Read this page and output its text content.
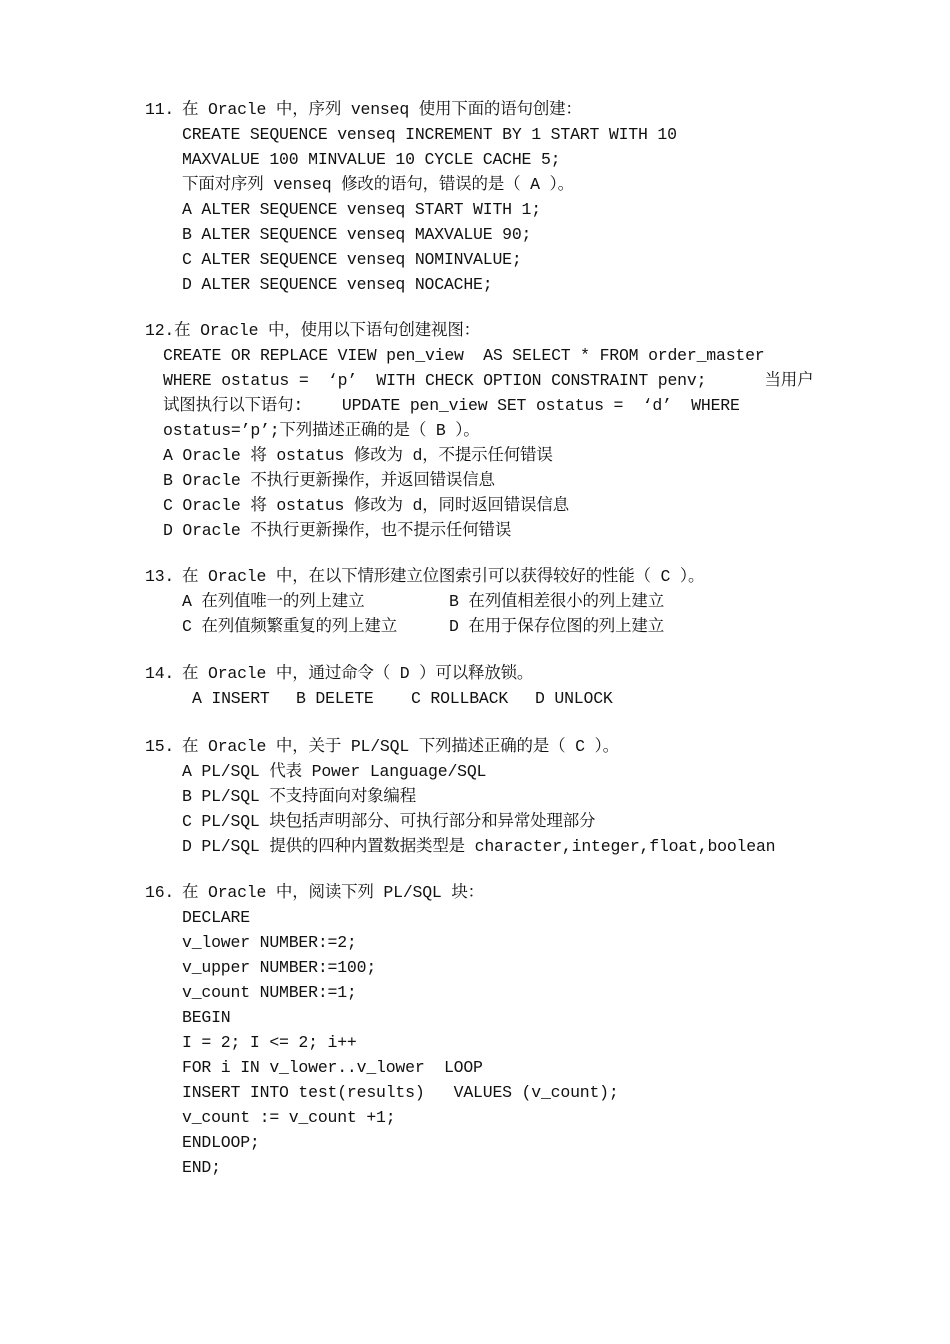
11. 在 Oracle 中，序列 venseq 使用下面的语句创建：
CREATE SEQUENCE venseq INCREMENT BY 1 START WITH 10
MAXVALUE 100 MINVALUE 10 CYCLE CACHE 5;
下面对序列 venseq 修改的语句，错误的是（ A ）。
A ALTER SEQUENCE venseq START WITH 1;
B ALTER SEQUENCE venseq MAXVALUE 90;
C ALTER SEQUENCE venseq NOMINVALUE;
D ALTER SEQUENCE venseq NOCACHE;
12.在 Oracle 中，使用以下语句创建视图：
CREATE OR REPLACE VIEW pen_view  AS SELECT * FROM order_master
WHERE ostatus =  ‘p’  WITH CHECK OPTION CONSTRAINT penv;      当用户
试图执行以下语句:    UPDATE pen_view SET ostatus =  ‘d’  WHERE
ostatus=’p’;下列描述正确的是（ B ）。
A Oracle 将 ostatus 修改为 d，不提示任何错误
B Oracle 不执行更新操作，并返回错误信息
C Oracle 将 ostatus 修改为 d，同时返回错误信息
D Oracle 不执行更新操作，也不提示任何错误
13. 在 Oracle 中，在以下情形建立位图索引可以获得较好的性能（ C ）。
A 在列值唯一的列上建立	B 在列值相差很小的列上建立
C 在列值频繁重复的列上建立	D 在用于保存位图的列上建立
14. 在 Oracle 中，通过命令（ D ）可以释放锁。
A INSERT B DELETE C ROLLBACK D UNLOCK
15. 在 Oracle 中，关于 PL/SQL 下列描述正确的是（ C ）。
A PL/SQL 代表 Power Language/SQL
B PL/SQL 不支持面向对象编程
C PL/SQL 块包括声明部分、可执行部分和异常处理部分
D PL/SQL 提供的四种内置数据类型是 character,integer,float,boolean
16. 在 Oracle 中，阅读下列 PL/SQL 块：
DECLARE
v_lower NUMBER:=2;
v_upper NUMBER:=100;
v_count NUMBER:=1;
BEGIN
I = 2; I <= 2; i++
FOR i IN v_lower..v_lower  LOOP
INSERT INTO test(results)   VALUES (v_count);
v_count := v_count +1;
ENDLOOP;
END;
